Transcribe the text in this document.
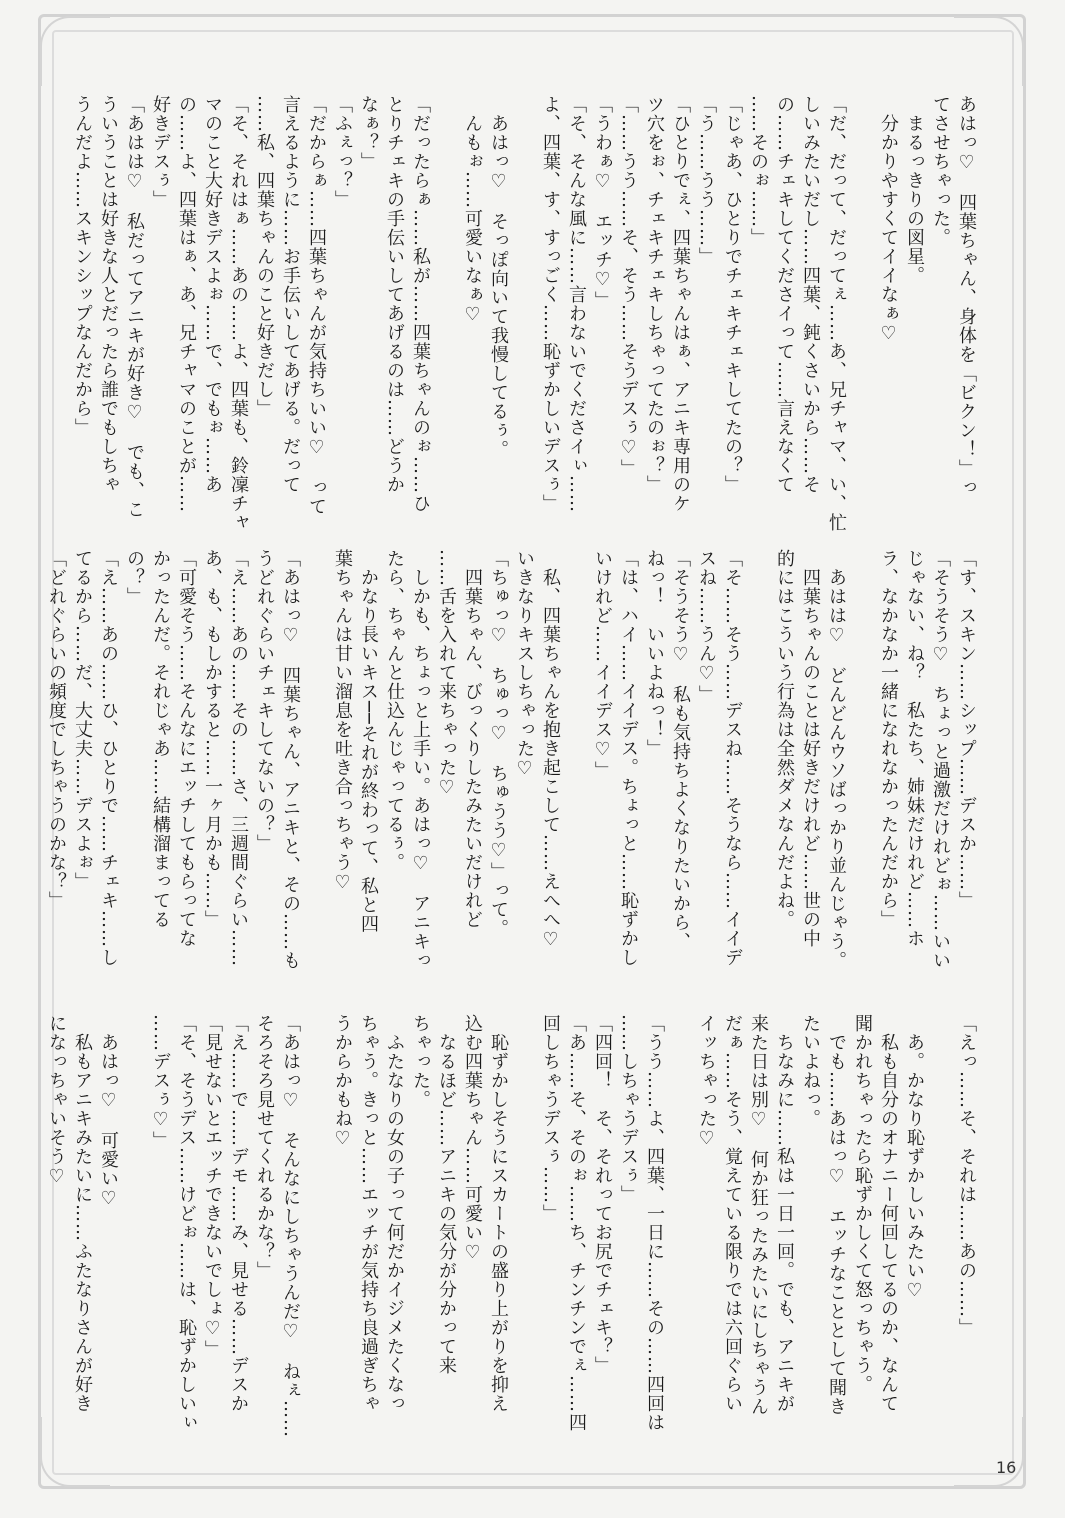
あはっ♡　四葉ちゃん、身体を「ビクン！」っ
てさせちゃった。
　まるっきりの図星。
　分かりやすくてイイなぁ♡

「だ、だって、だってぇ……あ、兄チャマ、い、忙
しいみたいだし……四葉、鈍くさいから……そ
の……チェキしてくださイって……言えなくて
……そのぉ……」
「じゃあ、ひとりでチェキチェキしてたの？」
「う……うう……」
「ひとりでぇ、四葉ちゃんはぁ、アニキ専用のケ
ツ穴をぉ、チェキチェキしちゃってたのぉ？」
「……うう……そ、そう……そうデスぅ♡」
「うわぁ♡　エッチ♡」
「そ、そんな風に……言わないでくださイぃ……
よ、四葉、す、すっごく……恥ずかしいデスぅ」

　あはっ♡　そっぽ向いて我慢してるぅ。
　んもぉ……可愛いなぁ♡

「だったらぁ……私が……四葉ちゃんのぉ……ひ
とりチェキの手伝いしてあげるのは……どうか
なぁ？」
「ふぇっ？」
「だからぁ……四葉ちゃんが気持ちいい♡　って
言えるように……お手伝いしてあげる。だって
……私、四葉ちゃんのこと好きだし」
「そ、それはぁ……あの……よ、四葉も、鈴凜チャ
マのこと大好きデスよぉ……で、でもぉ……あ
の……よ、四葉はぁ、あ、兄チャマのことが……
好きデスぅ」
「あはは♡　私だってアニキが好き♡　でも、こ
ういうことは好きな人とだったら誰でもしちゃ
うんだよ……スキンシップなんだから」
「す、スキン……シップ……デスか……」
「そうそう♡　ちょっと過激だけれどぉ……いい
じゃない、ね？　私たち、姉妹だけれど……ホ
ラ、なかなか一緒になれなかったんだから」

　あはは♡　どんどんウソばっかり並んじゃう。
　四葉ちゃんのことは好きだけれど……世の中
的にはこういう行為は全然ダメなんだよね。

「そ……そう……デスね……そうなら……イイデ
スね……うん♡」
「そうそう♡　私も気持ちよくなりたいから、
ねっ！　いいよねっ！」
「は、ハイ……イイデス。ちょっと……恥ずかし
いけれど……イイデス♡」

　私、四葉ちゃんを抱き起こして……えへへ♡
いきなりキスしちゃった♡
「ちゅっ♡　ちゅっ♡　ちゅうう♡」って。
　四葉ちゃん、びっくりしたみたいだけれど
……舌を入れて来ちゃった♡
　しかも、ちょっと上手い。あはっ♡　アニキっ
たら、ちゃんと仕込んじゃってるぅ。
　かなり長いキス──それが終わって、私と四
葉ちゃんは甘い溜息を吐き合っちゃう♡

「あはっ♡　四葉ちゃん、アニキと、その……も
うどれぐらいチェキしてないの？」
「え……あの……その……さ、三週間ぐらい……
あ、も、もしかすると……一ヶ月かも……」
「可愛そう……そんなにエッチしてもらってな
かったんだ。それじゃあ……結構溜まってる
の？」
「え……あの……ひ、ひとりで……チェキ……し
てるから……だ、大丈夫……デスよぉ」
「どれぐらいの頻度でしちゃうのかな？」
「えっ……そ、それは……あの……」

　あ。かなり恥ずかしいみたい♡
　私も自分のオナニー何回してるのか、なんて
聞かれちゃったら恥ずかしくて怒っちゃう。
　でも……あはっ♡　エッチなこととして聞き
たいよねっ。
　ちなみに……私は一日一回。でも、アニキが
来た日は別♡　何か狂ったみたいにしちゃうん
だぁ……そう、覚えている限りでは六回ぐらい
イッちゃった♡

「うう……よ、四葉、一日に……その……四回は
……しちゃうデスぅ」
「四回！　そ、それってお尻でチェキ？」
「あ……そ、そのぉ……ち、チンチンでぇ……四
回しちゃうデスぅ……」

　恥ずかしそうにスカートの盛り上がりを抑え
込む四葉ちゃん……可愛い♡
　なるほど……アニキの気分が分かって来
ちゃった。
　ふたなりの女の子って何だかイジメたくなっ
ちゃう。きっと……エッチが気持ち良過ぎちゃ
うからかもね♡

「あはっ♡　そんなにしちゃうんだ♡　ねぇ……
そろそろ見せてくれるかな？」
「え……で……デモ……み、見せる……デスか
「見せないとエッチできないでしょ♡」
「そ、そうデス……けどぉ……は、恥ずかしいぃ
……デスぅ♡」

　あはっ♡　可愛い♡
　私もアニキみたいに……ふたなりさんが好き
になっちゃいそう♡
16
